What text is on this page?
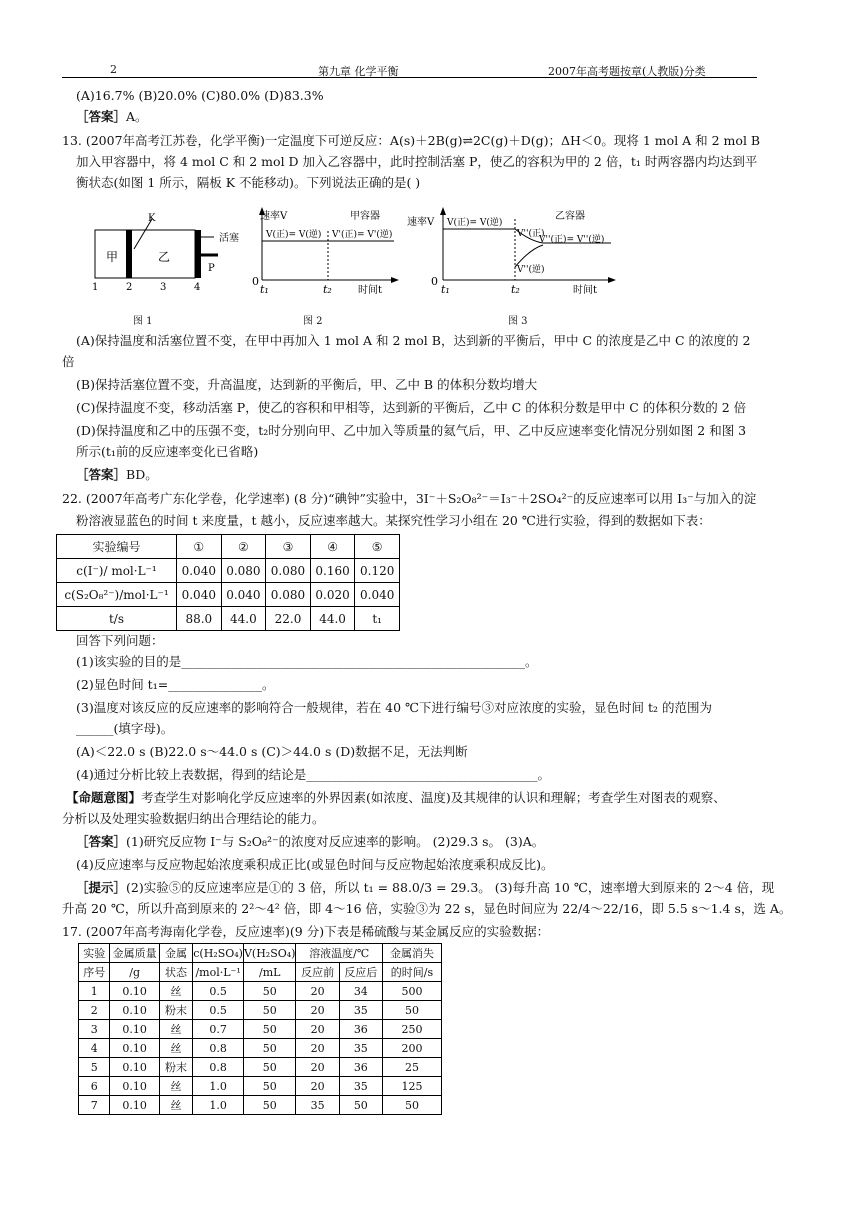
2	第九章 化学平衡	2007年高考题按章(人教版)分类
(A)16.7% (B)20.0% (C)80.0% (D)83.3%
［答案］A。
13. (2007年高考江苏卷，化学平衡)一定温度下可逆反应：A(s)＋2B(g)⇌2C(g)＋D(g)；ΔH＜0。现将 1 mol A 和 2 mol B
加入甲容器中，将 4 mol C 和 2 mol D 加入乙容器中，此时控制活塞 P，使乙的容积为甲的 2 倍，t₁ 时两容器内均达到平
衡状态(如图 1 所示，隔板 K 不能移动)。下列说法正确的是( )
K
活塞
P
甲	乙
1	2	3	4
图 1
速率V	甲容器
V(正)= V(逆) V'(正)= V'(逆)
0
t₁	t₂	时间t
图 2
速率V
乙容器
V(正)= V(逆)
V''(正)
V''(正)= V''(逆)
V''(逆)
0
t₁	t₂	时间t
图 3
(A)保持温度和活塞位置不变，在甲中再加入 1 mol A 和 2 mol B，达到新的平衡后，甲中 C 的浓度是乙中 C 的浓度的 2
倍
(B)保持活塞位置不变，升高温度，达到新的平衡后，甲、乙中 B 的体积分数均增大
(C)保持温度不变，移动活塞 P，使乙的容积和甲相等，达到新的平衡后，乙中 C 的体积分数是甲中 C 的体积分数的 2 倍
(D)保持温度和乙中的压强不变，t₂时分别向甲、乙中加入等质量的氦气后，甲、乙中反应速率变化情况分别如图 2 和图 3
所示(t₁前的反应速率变化已省略)
［答案］BD。
22. (2007年高考广东化学卷，化学速率) (8 分)“碘钟”实验中，3I⁻＋S₂O₈²⁻＝I₃⁻＋2SO₄²⁻的反应速率可以用 I₃⁻与加入的淀
粉溶液显蓝色的时间 t 来度量，t 越小，反应速率越大。某探究性学习小组在 20 ℃进行实验，得到的数据如下表：
实验编号	①	②	③	④	⑤
c(I⁻)/ mol·L⁻¹	0.040	0.080	0.080	0.160	0.120
c(S₂O₈²⁻)/mol·L⁻¹	0.040	0.040	0.080	0.020	0.040
t/s	88.0	44.0	22.0	44.0	t₁
回答下列问题：
(1)该实验的目的是_______________________________________________________。
(2)显色时间 t₁=_______________。
(3)温度对该反应的反应速率的影响符合一般规律，若在 40 ℃下进行编号③对应浓度的实验，显色时间 t₂ 的范围为
______(填字母)。
(A)＜22.0 s (B)22.0 s～44.0 s (C)＞44.0 s (D)数据不足，无法判断
(4)通过分析比较上表数据，得到的结论是_____________________________________。
【命题意图】考查学生对影响化学反应速率的外界因素(如浓度、温度)及其规律的认识和理解；考查学生对图表的观察、
分析以及处理实验数据归纳出合理结论的能力。
［答案］(1)研究反应物 I⁻与 S₂O₈²⁻的浓度对反应速率的影响。 (2)29.3 s。 (3)A。
(4)反应速率与反应物起始浓度乘积成正比(或显色时间与反应物起始浓度乘积成反比)。
［提示］(2)实验⑤的反应速率应是①的 3 倍，所以 t₁ = 88.0/3 = 29.3。 (3)每升高 10 ℃，速率增大到原来的 2～4 倍，现
升高 20 ℃，所以升高到原来的 2²～4² 倍，即 4～16 倍，实验③为 22 s，显色时间应为 22/4～22/16，即 5.5 s～1.4 s，选 A。
17. (2007年高考海南化学卷，反应速率)(9 分)下表是稀硫酸与某金属反应的实验数据：
实验	金属质量	金属	c(H₂SO₄)	V(H₂SO₄)	溶液温度/℃		金属消失
序号	/g	状态	/mol·L⁻¹	/mL	反应前	反应后	的时间/s
1	0.10	丝	0.5	50	20	34	500
2	0.10	粉末	0.5	50	20	35	50
3	0.10	丝	0.7	50	20	36	250
4	0.10	丝	0.8	50	20	35	200
5	0.10	粉末	0.8	50	20	36	25
6	0.10	丝	1.0	50	20	35	125
7	0.10	丝	1.0	50	35	50	50
